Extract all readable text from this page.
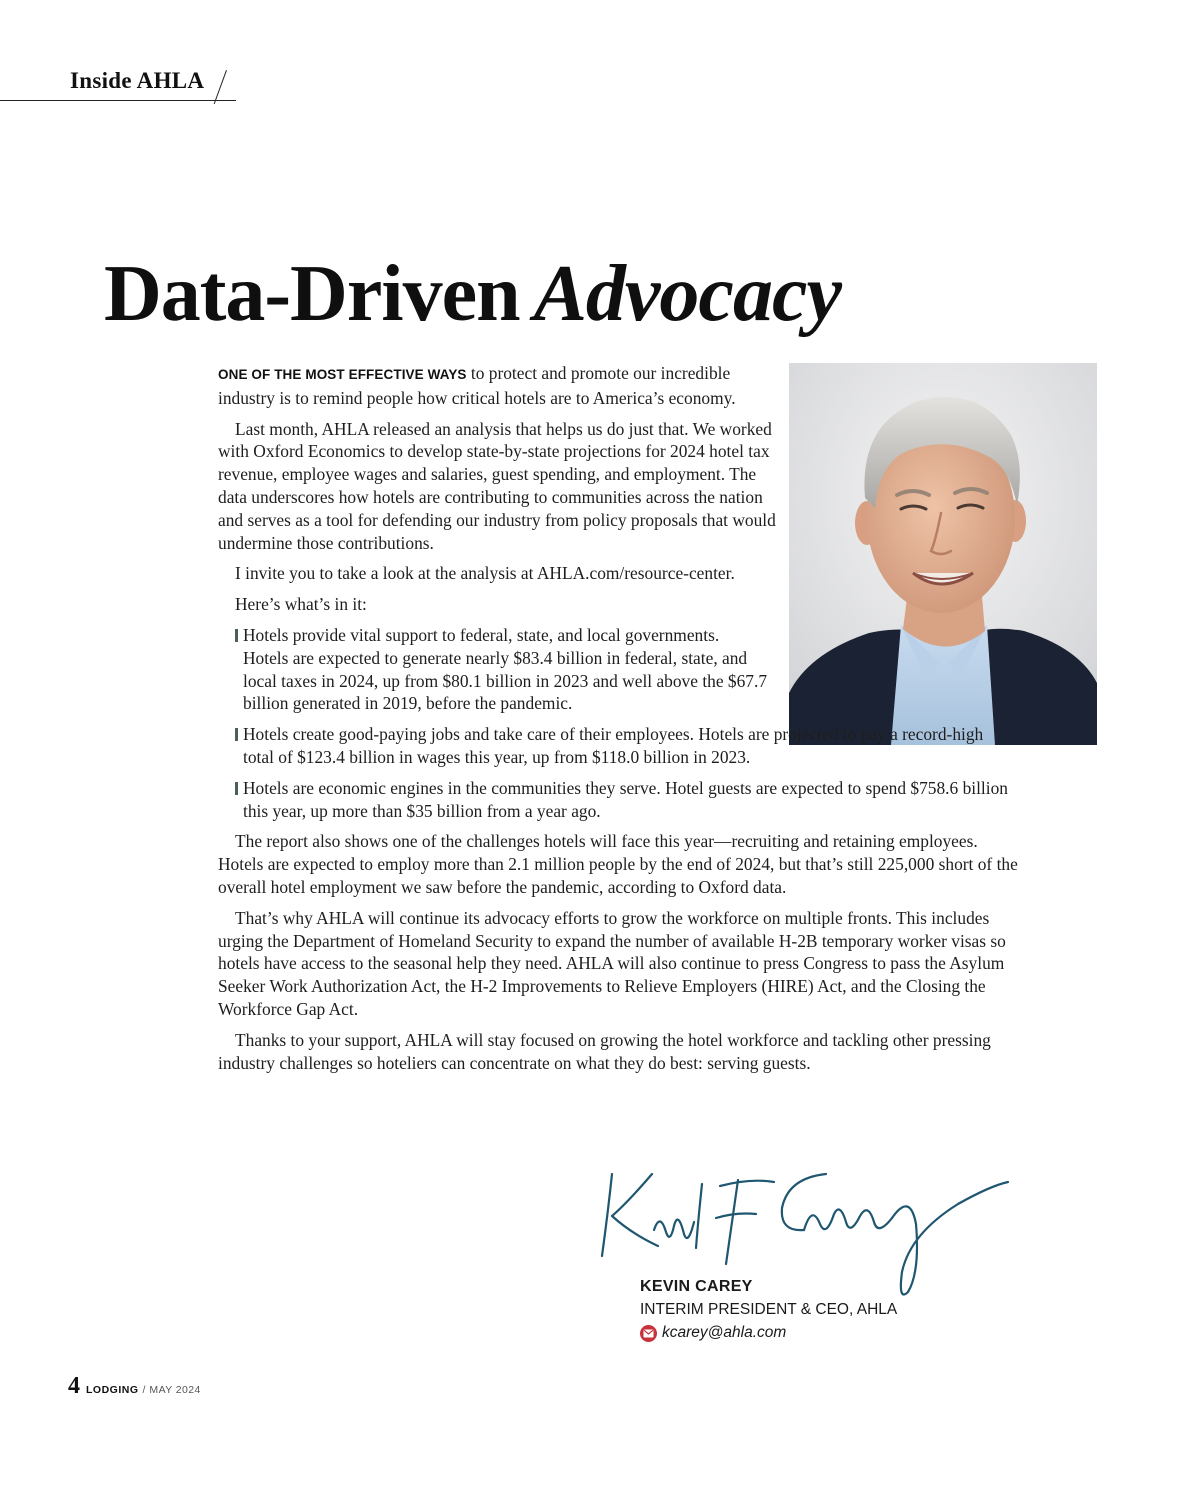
Inside AHLA
Data-Driven Advocacy

ONE OF THE MOST EFFECTIVE WAYS to protect and promote our incredible industry is to remind people how critical hotels are to America’s economy.

Last month, AHLA released an analysis that helps us do just that. We worked with Oxford Economics to develop state-by-state projections for 2024 hotel tax revenue, employee wages and salaries, guest spending, and employment. The data underscores how hotels are contributing to communities across the nation and serves as a tool for defending our industry from policy proposals that would undermine those contributions.

I invite you to take a look at the analysis at AHLA.com/resource-center.

Here’s what’s in it:

Hotels provide vital support to federal, state, and local governments. Hotels are expected to generate nearly $83.4 billion in federal, state, and local taxes in 2024, up from $80.1 billion in 2023 and well above the $67.7 billion generated in 2019, before the pandemic.
Hotels create good-paying jobs and take care of their employees. Hotels are projected to pay a record-high total of $123.4 billion in wages this year, up from $118.0 billion in 2023.
Hotels are economic engines in the communities they serve. Hotel guests are expected to spend $758.6 billion this year, up more than $35 billion from a year ago.

The report also shows one of the challenges hotels will face this year—recruiting and retaining employees. Hotels are expected to employ more than 2.1 million people by the end of 2024, but that’s still 225,000 short of the overall hotel employment we saw before the pandemic, according to Oxford data.

That’s why AHLA will continue its advocacy efforts to grow the workforce on multiple fronts. This includes urging the Department of Homeland Security to expand the number of available H-2B temporary worker visas so hotels have access to the seasonal help they need. AHLA will also continue to press Congress to pass the Asylum Seeker Work Authorization Act, the H-2 Improvements to Relieve Employers (HIRE) Act, and the Closing the Workforce Gap Act.

Thanks to your support, AHLA will stay focused on growing the hotel workforce and tackling other pressing industry challenges so hoteliers can concentrate on what they do best: serving guests.

KEVIN CAREY
INTERIM PRESIDENT & CEO, AHLA
kcarey@ahla.com
4 LODGING / MAY 2024
